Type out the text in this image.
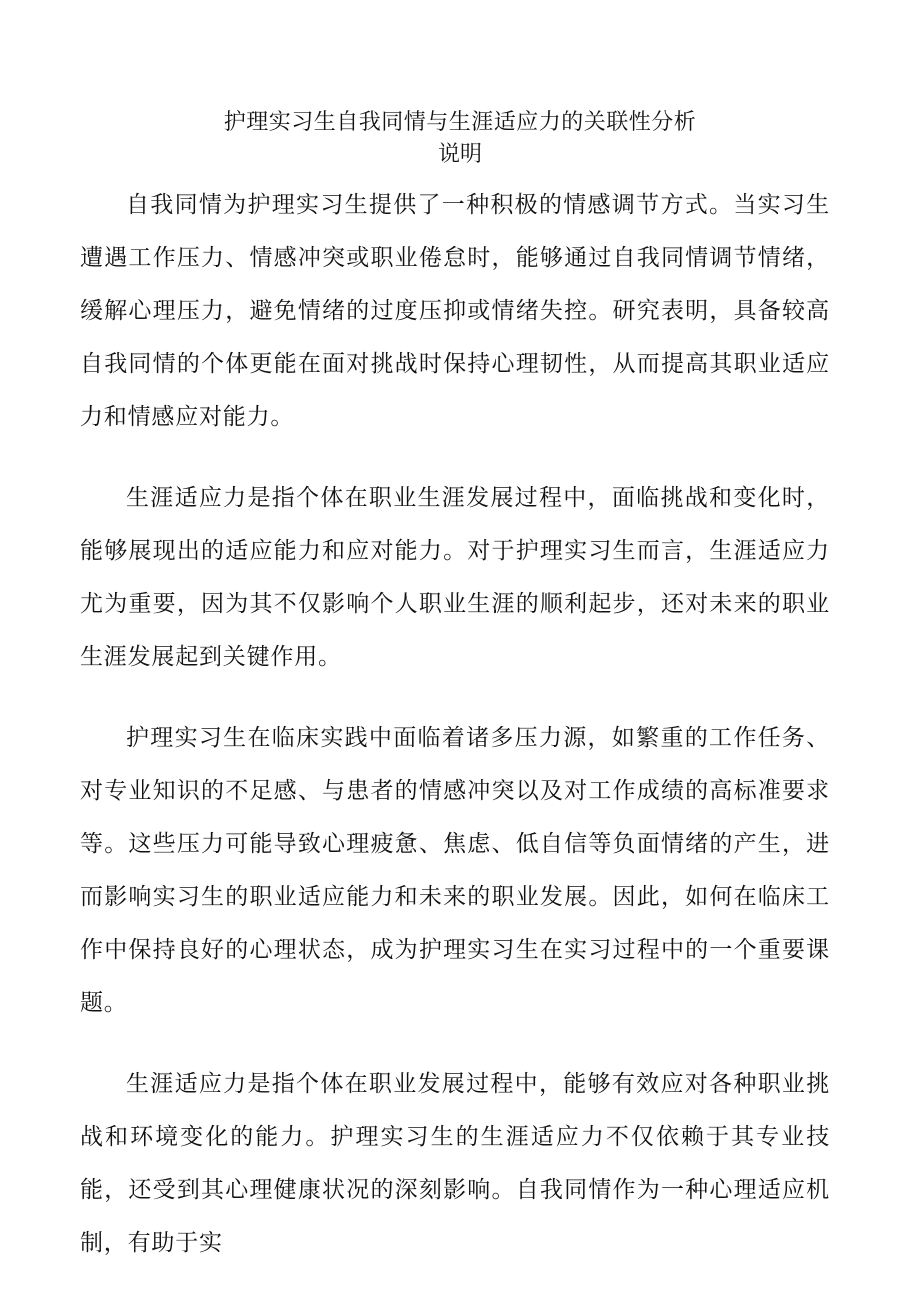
护理实习生自我同情与生涯适应力的关联性分析
说明

自我同情为护理实习生提供了一种积极的情感调节方式。当实习生遭遇工作压力、情感冲突或职业倦怠时，能够通过自我同情调节情绪，缓解心理压力，避免情绪的过度压抑或情绪失控。研究表明，具备较高自我同情的个体更能在面对挑战时保持心理韧性，从而提高其职业适应力和情感应对能力。

生涯适应力是指个体在职业生涯发展过程中，面临挑战和变化时，能够展现出的适应能力和应对能力。对于护理实习生而言，生涯适应力尤为重要，因为其不仅影响个人职业生涯的顺利起步，还对未来的职业生涯发展起到关键作用。

护理实习生在临床实践中面临着诸多压力源，如繁重的工作任务、对专业知识的不足感、与患者的情感冲突以及对工作成绩的高标准要求等。这些压力可能导致心理疲惫、焦虑、低自信等负面情绪的产生，进而影响实习生的职业适应能力和未来的职业发展。因此，如何在临床工作中保持良好的心理状态，成为护理实习生在实习过程中的一个重要课题。

生涯适应力是指个体在职业发展过程中，能够有效应对各种职业挑战和环境变化的能力。护理实习生的生涯适应力不仅依赖于其专业技能，还受到其心理健康状况的深刻影响。自我同情作为一种心理适应机制，有助于实
